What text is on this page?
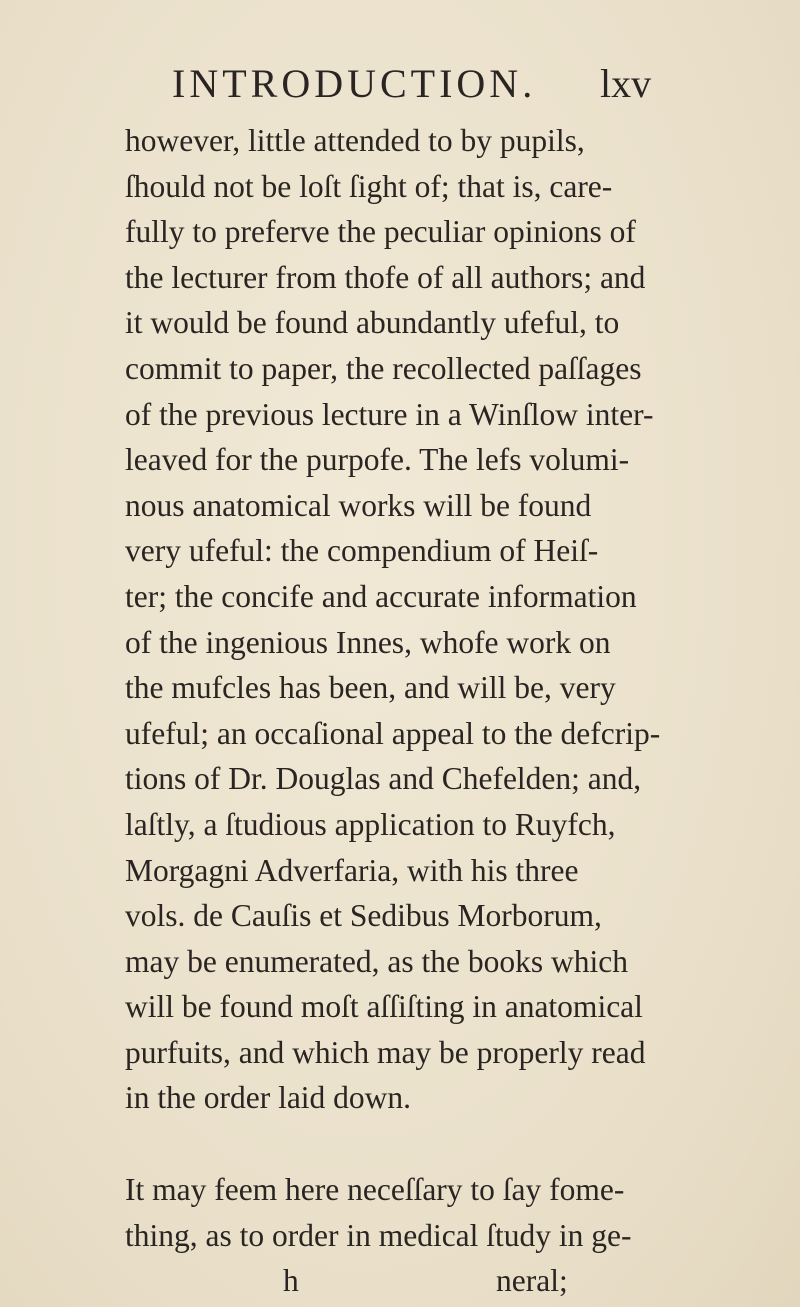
INTRODUCTION. lxv
however, little attended to by pupils,
ſhould not be loſt ſight of; that is, care-
fully to preferve the peculiar opinions of
the lecturer from thofe of all authors; and
it would be found abundantly ufeful, to
commit to paper, the recollected paſſages
of the previous lecture in a Winſlow inter-
leaved for the purpofe. The lefs volumi-
nous anatomical works will be found
very ufeful: the compendium of Heiſ-
ter; the concife and accurate information
of the ingenious Innes, whofe work on
the mufcles has been, and will be, very
ufeful; an occaſional appeal to the defcrip-
tions of Dr. Douglas and Chefelden; and,
laſtly, a ſtudious application to Ruyfch,
Morgagni Adverfaria, with his three
vols. de Cauſis et Sedibus Morborum,
may be enumerated, as the books which
will be found moſt aſſiſting in anatomical
purfuits, and which may be properly read
in the order laid down.
It may feem here neceſſary to ſay fome-
thing, as to order in medical ſtudy in ge-
h	neral;
